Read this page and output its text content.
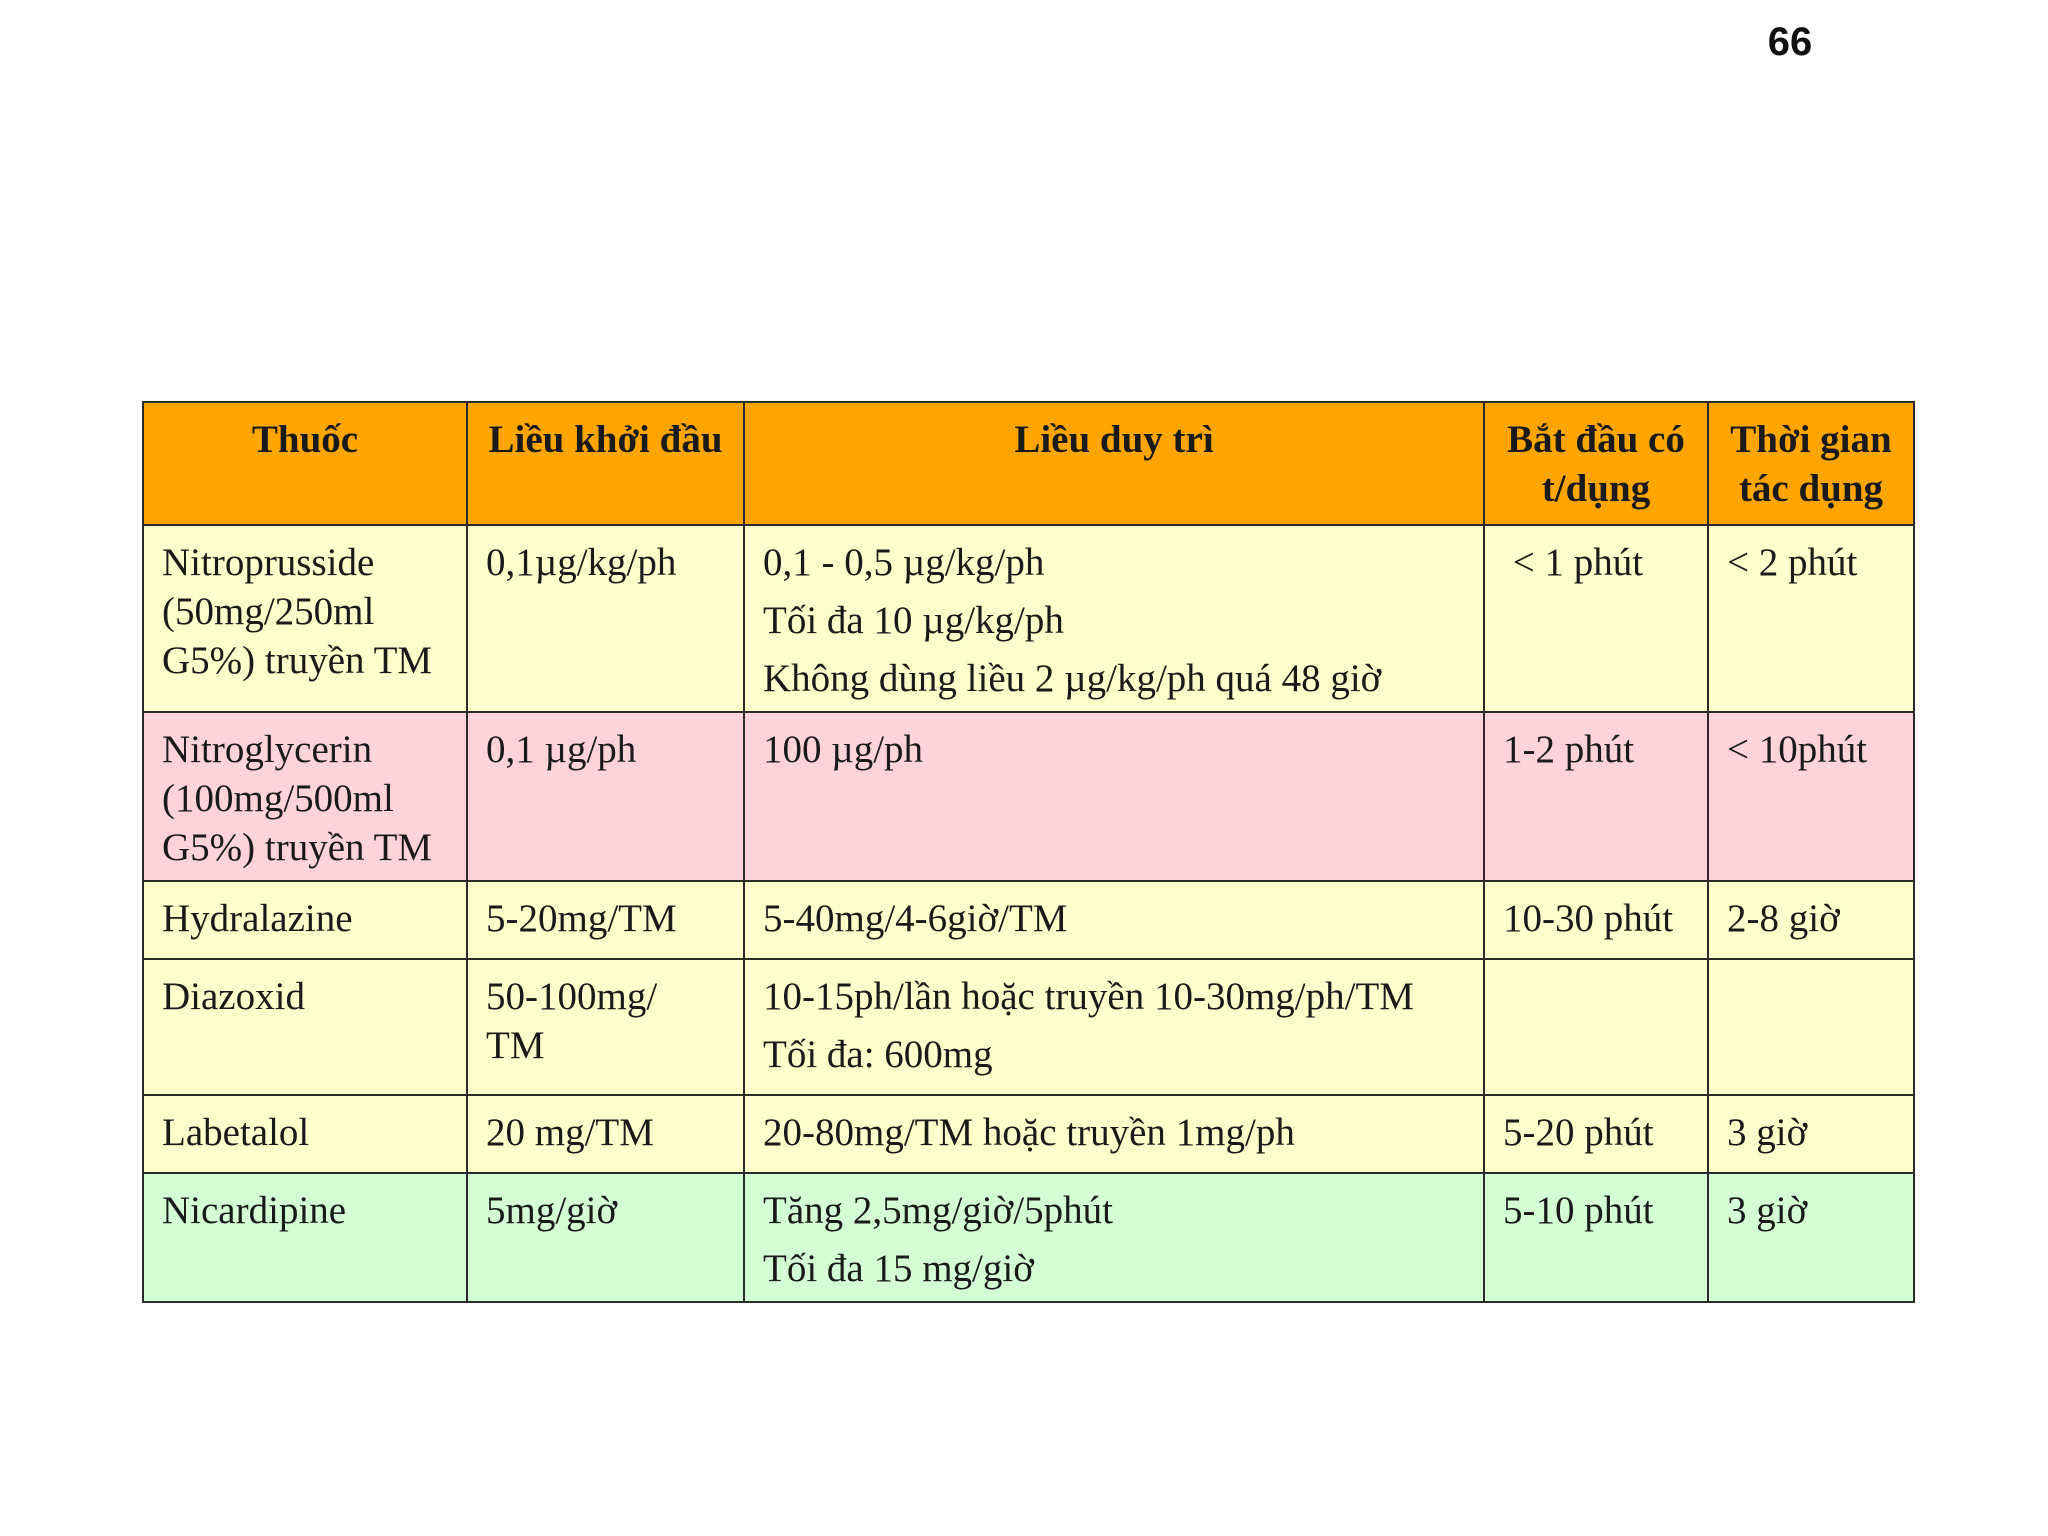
66
Thuốc	Liều khởi đầu	Liều duy trì	Bắt đầu có t/dụng	Thời gian tác dụng

Nitroprusside
(50mg/250ml
G5%) truyền TM	0,1µg/kg/ph	0,1 - 0,5 µg/kg/ph
Tối đa 10 µg/kg/ph
Không dùng liều 2 µg/kg/ph quá 48 giờ	< 1 phút	< 2 phút

Nitroglycerin
(100mg/500ml
G5%) truyền TM	0,1 µg/ph	100 µg/ph	1-2 phút	< 10phút

Hydralazine	5-20mg/TM	5-40mg/4-6giờ/TM	10-30 phút	2-8 giờ

Diazoxid	50-100mg/
TM	10-15ph/lần hoặc truyền 10-30mg/ph/TM
Tối đa: 600mg		

Labetalol	20 mg/TM	20-80mg/TM hoặc truyền 1mg/ph	5-20 phút	3 giờ

Nicardipine	5mg/giờ	Tăng 2,5mg/giờ/5phút
Tối đa 15 mg/giờ	5-10 phút	3 giờ
